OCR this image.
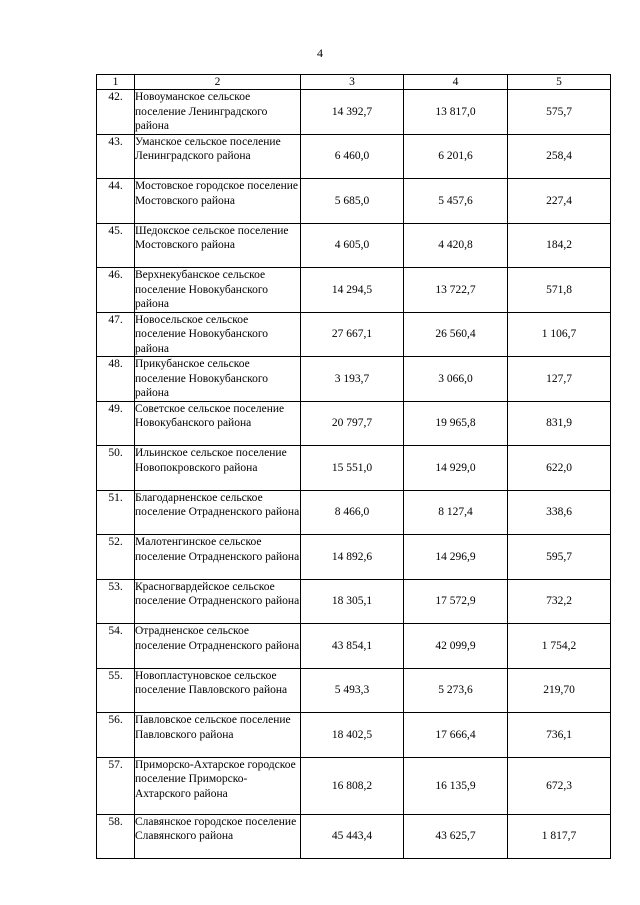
4
1	2	3	4	5
42.	Новоуманское сельское поселение Ленинградского района	14 392,7	13 817,0	575,7
43.	Уманское сельское поселение Ленинградского района	6 460,0	6 201,6	258,4
44.	Мостовское городское поселение Мостовского района	5 685,0	5 457,6	227,4
45.	Шедокское сельское поселение Мостовского района	4 605,0	4 420,8	184,2
46.	Верхнекубанское сельское поселение Новокубанского района	14 294,5	13 722,7	571,8
47.	Новосельское сельское поселение Новокубанского района	27 667,1	26 560,4	1 106,7
48.	Прикубанское сельское поселение Новокубанского района	3 193,7	3 066,0	127,7
49.	Советское сельское поселение Новокубанского района	20 797,7	19 965,8	831,9
50.	Ильинское сельское поселение Новопокровского района	15 551,0	14 929,0	622,0
51.	Благодарненское сельское поселение Отрадненского района	8 466,0	8 127,4	338,6
52.	Малотенгинское сельское поселение Отрадненского района	14 892,6	14 296,9	595,7
53.	Красногвардейское сельское поселение Отрадненского района	18 305,1	17 572,9	732,2
54.	Отрадненское сельское поселение Отрадненского района	43 854,1	42 099,9	1 754,2
55.	Новопластуновское сельское поселение Павловского района	5 493,3	5 273,6	219,70
56.	Павловское сельское поселение Павловского района	18 402,5	17 666,4	736,1
57.	Приморско-Ахтарское городское поселение Приморско-Ахтарского района	16 808,2	16 135,9	672,3
58.	Славянское городское поселение Славянского района	45 443,4	43 625,7	1 817,7
